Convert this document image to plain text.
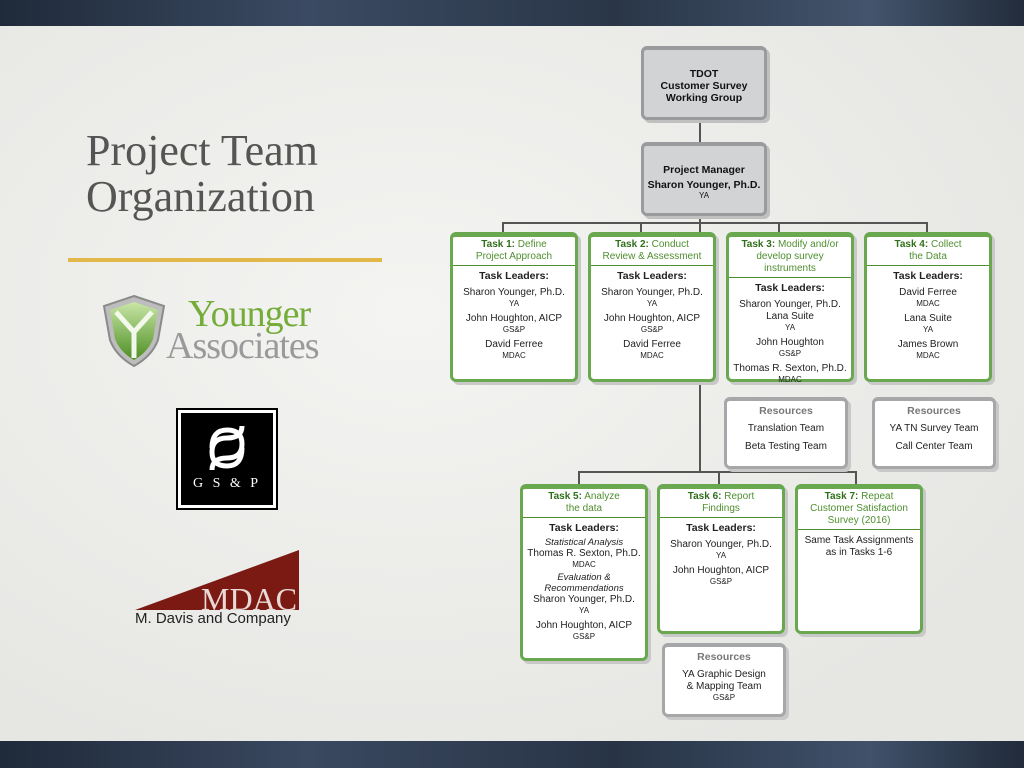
Project Team
Organization
Younger
Associates
G S & P
MDAC
M. Davis and Company
TDOT
Customer Survey
Working Group
Project Manager
Sharon Younger, Ph.D.
YA
Task 1: Define
Project Approach
Task Leaders:
Sharon Younger, Ph.D.
YA
John Houghton, AICP
GS&P
David Ferree
MDAC
Task 2: Conduct
Review & Assessment
Task Leaders:
Sharon Younger, Ph.D.
YA
John Houghton, AICP
GS&P
David Ferree
MDAC
Task 3: Modify and/or
develop survey instruments
Task Leaders:
Sharon Younger, Ph.D.
Lana Suite
YA
John Houghton
GS&P
Thomas R. Sexton, Ph.D.
MDAC
Task 4: Collect
the Data
Task Leaders:
David Ferree
MDAC
Lana Suite
YA
James Brown
MDAC
Resources
Translation Team
Beta Testing Team
Resources
YA TN Survey Team
Call Center Team
Task 5: Analyze
the data
Task Leaders:
Statistical Analysis
Thomas R. Sexton, Ph.D.
MDAC
Evaluation &
Recommendations
Sharon Younger, Ph.D.
YA
John Houghton, AICP
GS&P
Task 6: Report
Findings
Task Leaders:
Sharon Younger, Ph.D.
YA
John Houghton, AICP
GS&P
Task 7: Repeat
Customer Satisfaction
Survey (2016)
Same Task Assignments
as in Tasks 1-6
Resources
YA Graphic Design
& Mapping Team
GS&P
